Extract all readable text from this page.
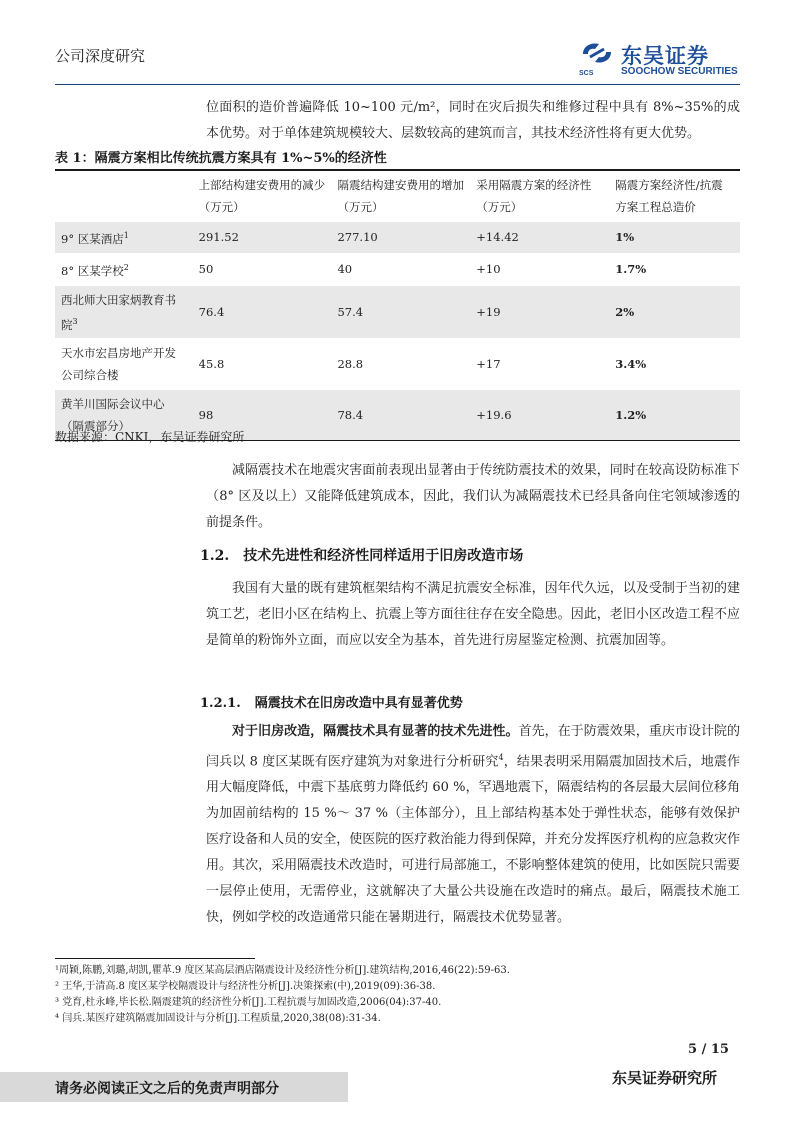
公司深度研究
SCS
东吴证券
SOOCHOW SECURITIES

位面积的造价普遍降低 10~100 元/m²，同时在灾后损失和维修过程中具有 8%~35%的成本优势。对于单体建筑规模较大、层数较高的建筑而言，其技术经济性将有更大优势。

表 1：隔震方案相比传统抗震方案具有 1%~5%的经济性
	上部结构建安费用的减少（万元）	隔震结构建安费用的增加（万元）	采用隔震方案的经济性（万元）	隔震方案经济性/抗震方案工程总造价
9° 区某酒店$^1$	291.52	277.10	+14.42	1%
8° 区某学校$^2$	50	40	+10	1.7%
西北师大田家炳教育书院$^3$	76.4	57.4	+19	2%
天水市宏昌房地产开发公司综合楼	45.8	28.8	+17	3.4%
黄羊川国际会议中心（隔震部分）	98	78.4	+19.6	1.2%
数据来源：CNKI，东吴证券研究所

减隔震技术在地震灾害面前表现出显著由于传统防震技术的效果，同时在较高设防标准下（8° 区及以上）又能降低建筑成本，因此，我们认为减隔震技术已经具备向住宅领域渗透的前提条件。

1.2. 技术先进性和经济性同样适用于旧房改造市场

我国有大量的既有建筑框架结构不满足抗震安全标准，因年代久远，以及受制于当初的建筑工艺，老旧小区在结构上、抗震上等方面往往存在安全隐患。因此，老旧小区改造工程不应是简单的粉饰外立面，而应以安全为基本，首先进行房屋鉴定检测、抗震加固等。

1.2.1. 隔震技术在旧房改造中具有显著优势

对于旧房改造，隔震技术具有显著的技术先进性。首先，在于防震效果，重庆市设计院的闫兵以 8 度区某既有医疗建筑为对象进行分析研究$^4$，结果表明采用隔震加固技术后，地震作用大幅度降低，中震下基底剪力降低约 60 %，罕遇地震下，隔震结构的各层最大层间位移角为加固前结构的 15 %～ 37 %（主体部分），且上部结构基本处于弹性状态，能够有效保护医疗设备和人员的安全，使医院的医疗救治能力得到保障，并充分发挥医疗机构的应急救灾作用。其次，采用隔震技术改造时，可进行局部施工，不影响整体建筑的使用，比如医院只需要一层停止使用，无需停业，这就解决了大量公共设施在改造时的痛点。最后，隔震技术施工快，例如学校的改造通常只能在暑期进行，隔震技术优势显著。

¹周颖,陈鹏,刘璐,胡凯,瞿革.9 度区某高层酒店隔震设计及经济性分析[J].建筑结构,2016,46(22):59-63.
² 王华,于清高.8 度区某学校隔震设计与经济性分析[J].决策探索(中),2019(09):36-38.
³ 党育,杜永峰,毕长松.隔震建筑的经济性分析[J].工程抗震与加固改造,2006(04):37-40.
⁴ 闫兵.某医疗建筑隔震加固设计与分析[J].工程质量,2020,38(08):31-34.
5 / 15
请务必阅读正文之后的免责声明部分
东吴证券研究所
